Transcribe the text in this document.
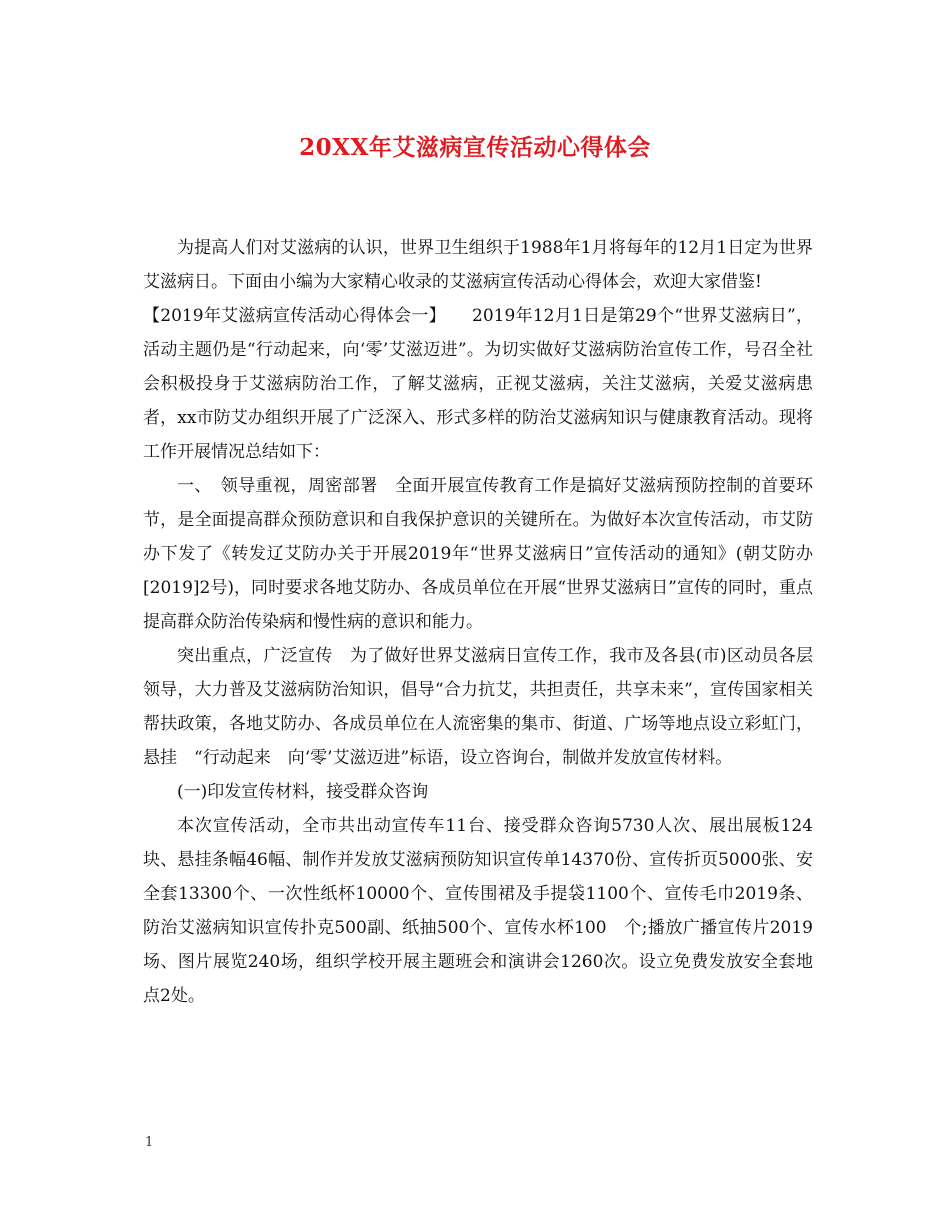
20XX年艾滋病宣传活动心得体会

为提高人们对艾滋病的认识，世界卫生组织于1988年1月将每年的12月1日定为世界艾滋病日。下面由小编为大家精心收录的艾滋病宣传活动心得体会，欢迎大家借鉴!

【2019年艾滋病宣传活动心得体会一】　　2019年12月1日是第29个“世界艾滋病日”，活动主题仍是“行动起来，向‘零’艾滋迈进”。为切实做好艾滋病防治宣传工作，号召全社会积极投身于艾滋病防治工作，了解艾滋病，正视艾滋病，关注艾滋病，关爱艾滋病患者，xx市防艾办组织开展了广泛深入、形式多样的防治艾滋病知识与健康教育活动。现将工作开展情况总结如下：

一、　领导重视，周密部署　全面开展宣传教育工作是搞好艾滋病预防控制的首要环节，是全面提高群众预防意识和自我保护意识的关键所在。为做好本次宣传活动，市艾防办下发了《转发辽艾防办关于开展2019年“世界艾滋病日”宣传活动的通知》(朝艾防办[2019]2号)，同时要求各地艾防办、各成员单位在开展“世界艾滋病日”宣传的同时，重点提高群众防治传染病和慢性病的意识和能力。

突出重点，广泛宣传　为了做好世界艾滋病日宣传工作，我市及各县(市)区动员各层领导，大力普及艾滋病防治知识，倡导“合力抗艾，共担责任，共享未来”，宣传国家相关帮扶政策，各地艾防办、各成员单位在人流密集的集市、街道、广场等地点设立彩虹门，悬挂　“行动起来　向‘零’艾滋迈进”标语，设立咨询台，制做并发放宣传材料。

(一)印发宣传材料，接受群众咨询

本次宣传活动，全市共出动宣传车11台、接受群众咨询5730人次、展出展板124块、悬挂条幅46幅、制作并发放艾滋病预防知识宣传单14370份、宣传折页5000张、安全套13300个、一次性纸杯10000个、宣传围裙及手提袋1100个、宣传毛巾2019条、防治艾滋病知识宣传扑克500副、纸抽500个、宣传水杯100　个;播放广播宣传片2019场、图片展览240场，组织学校开展主题班会和演讲会1260次。设立免费发放安全套地点2处。

1
